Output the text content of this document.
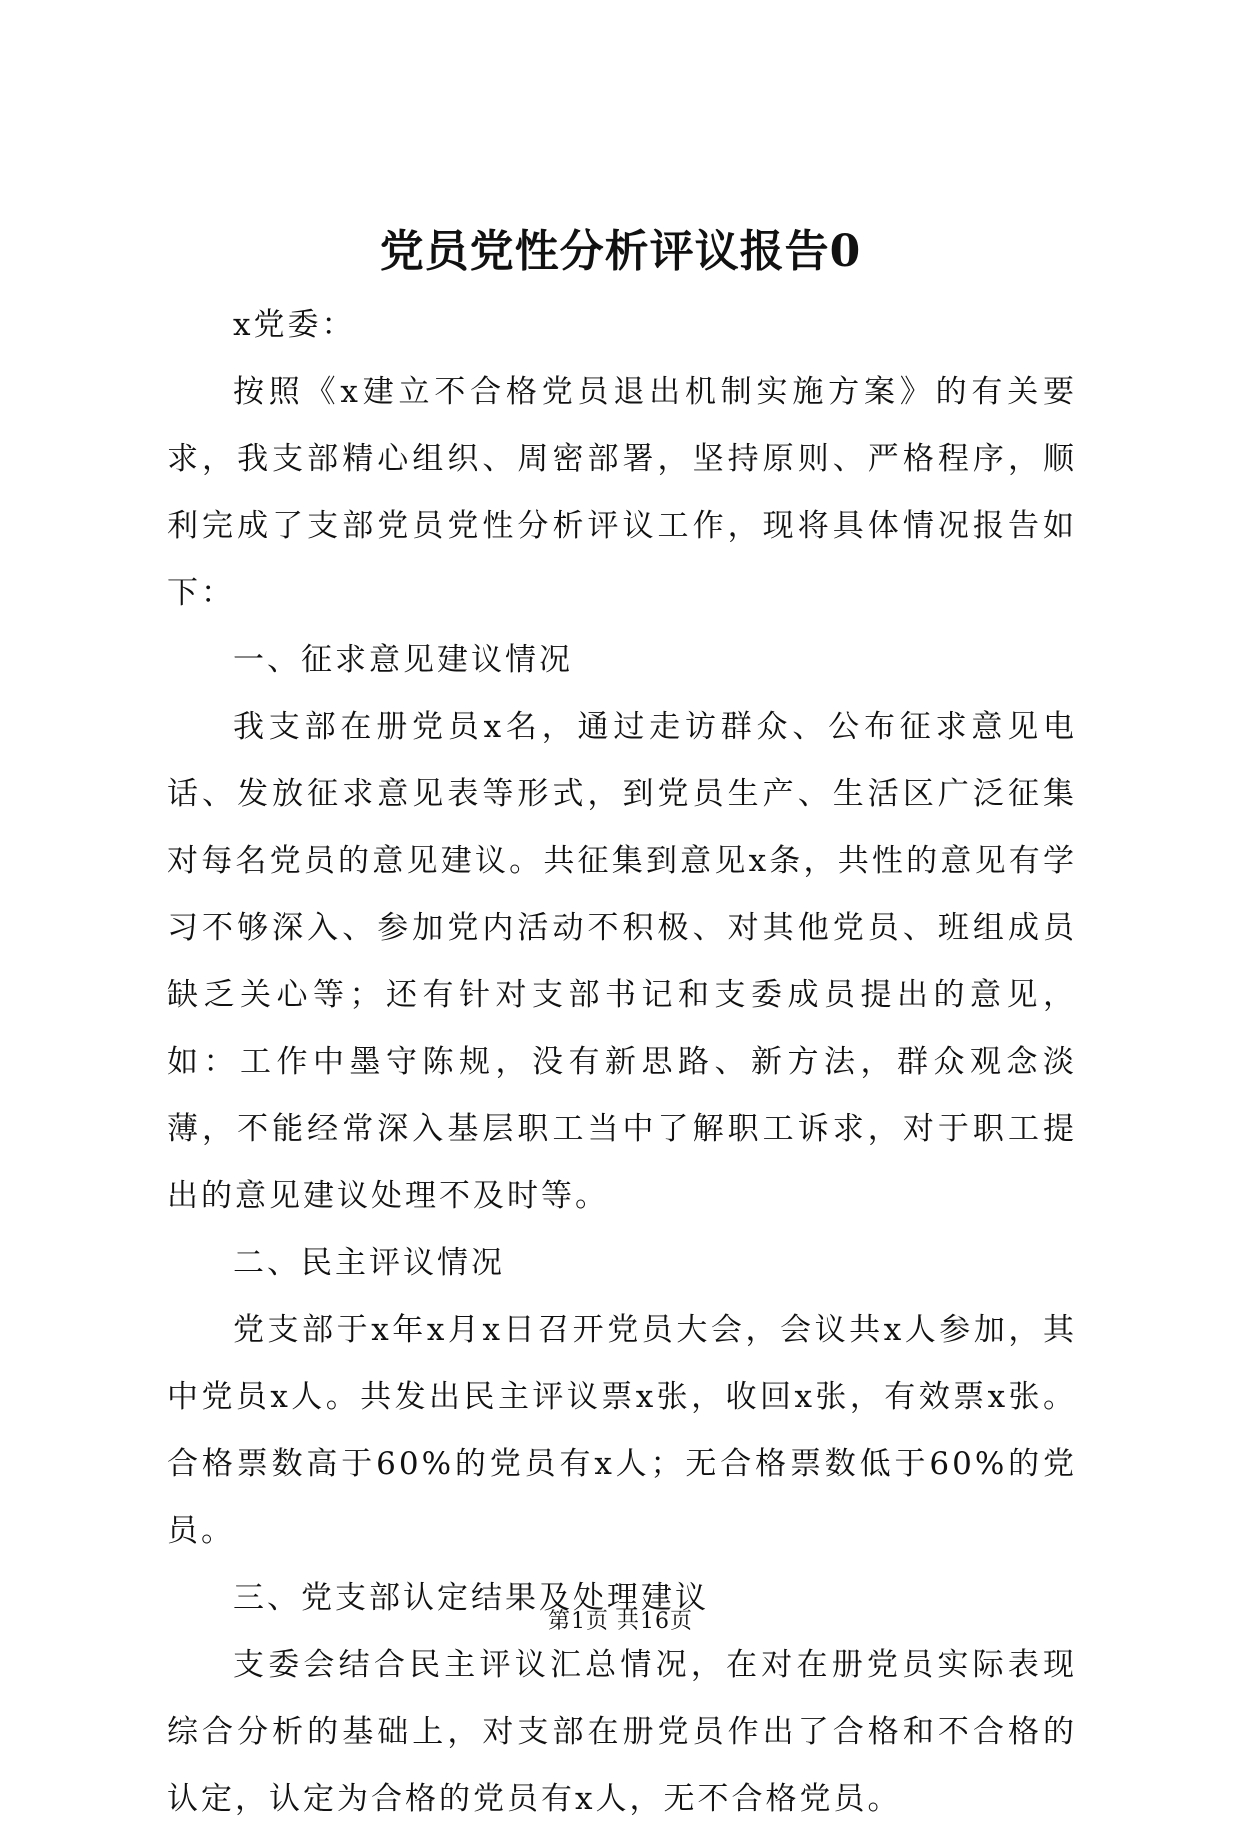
党员党性分析评议报告0

x党委：

按照《x建立不合格党员退出机制实施方案》的有关要求，我支部精心组织、周密部署，坚持原则、严格程序，顺利完成了支部党员党性分析评议工作，现将具体情况报告如下：

一、征求意见建议情况

我支部在册党员x名，通过走访群众、公布征求意见电话、发放征求意见表等形式，到党员生产、生活区广泛征集对每名党员的意见建议。共征集到意见x条，共性的意见有学习不够深入、参加党内活动不积极、对其他党员、班组成员缺乏关心等；还有针对支部书记和支委成员提出的意见，如：工作中墨守陈规，没有新思路、新方法，群众观念淡薄，不能经常深入基层职工当中了解职工诉求，对于职工提出的意见建议处理不及时等。

二、民主评议情况

党支部于x年x月x日召开党员大会，会议共x人参加，其中党员x人。共发出民主评议票x张，收回x张，有效票x张。合格票数高于60%的党员有x人；无合格票数低于60%的党员。

三、党支部认定结果及处理建议

支委会结合民主评议汇总情况，在对在册党员实际表现综合分析的基础上，对支部在册党员作出了合格和不合格的认定，认定为合格的党员有x人，无不合格党员。

第1页 共16页
